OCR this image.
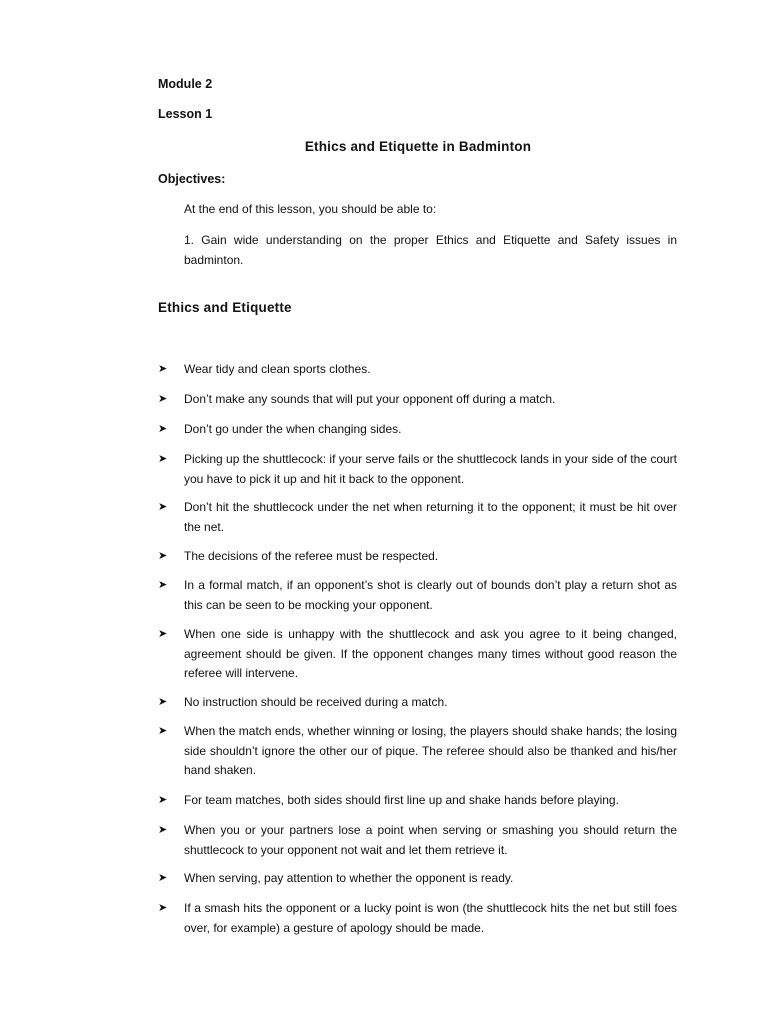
Module 2
Lesson 1
Ethics and Etiquette in Badminton
Objectives:
At the end of this lesson, you should be able to:
1. Gain wide understanding on the proper Ethics and Etiquette and Safety issues in badminton.
Ethics and Etiquette
➤ Wear tidy and clean sports clothes.
➤ Don’t make any sounds that will put your opponent off during a match.
➤ Don’t go under the when changing sides.
➤ Picking up the shuttlecock: if your serve fails or the shuttlecock lands in your side of the court you have to pick it up and hit it back to the opponent.
➤ Don’t hit the shuttlecock under the net when returning it to the opponent; it must be hit over the net.
➤ The decisions of the referee must be respected.
➤ In a formal match, if an opponent’s shot is clearly out of bounds don’t play a return shot as this can be seen to be mocking your opponent.
➤ When one side is unhappy with the shuttlecock and ask you agree to it being changed, agreement should be given. If the opponent changes many times without good reason the referee will intervene.
➤ No instruction should be received during a match.
➤ When the match ends, whether winning or losing, the players should shake hands; the losing side shouldn’t ignore the other our of pique. The referee should also be thanked and his/her hand shaken.
➤ For team matches, both sides should first line up and shake hands before playing.
➤ When you or your partners lose a point when serving or smashing you should return the shuttlecock to your opponent not wait and let them retrieve it.
➤ When serving, pay attention to whether the opponent is ready.
➤ If a smash hits the opponent or a lucky point is won (the shuttlecock hits the net but still foes over, for example) a gesture of apology should be made.
